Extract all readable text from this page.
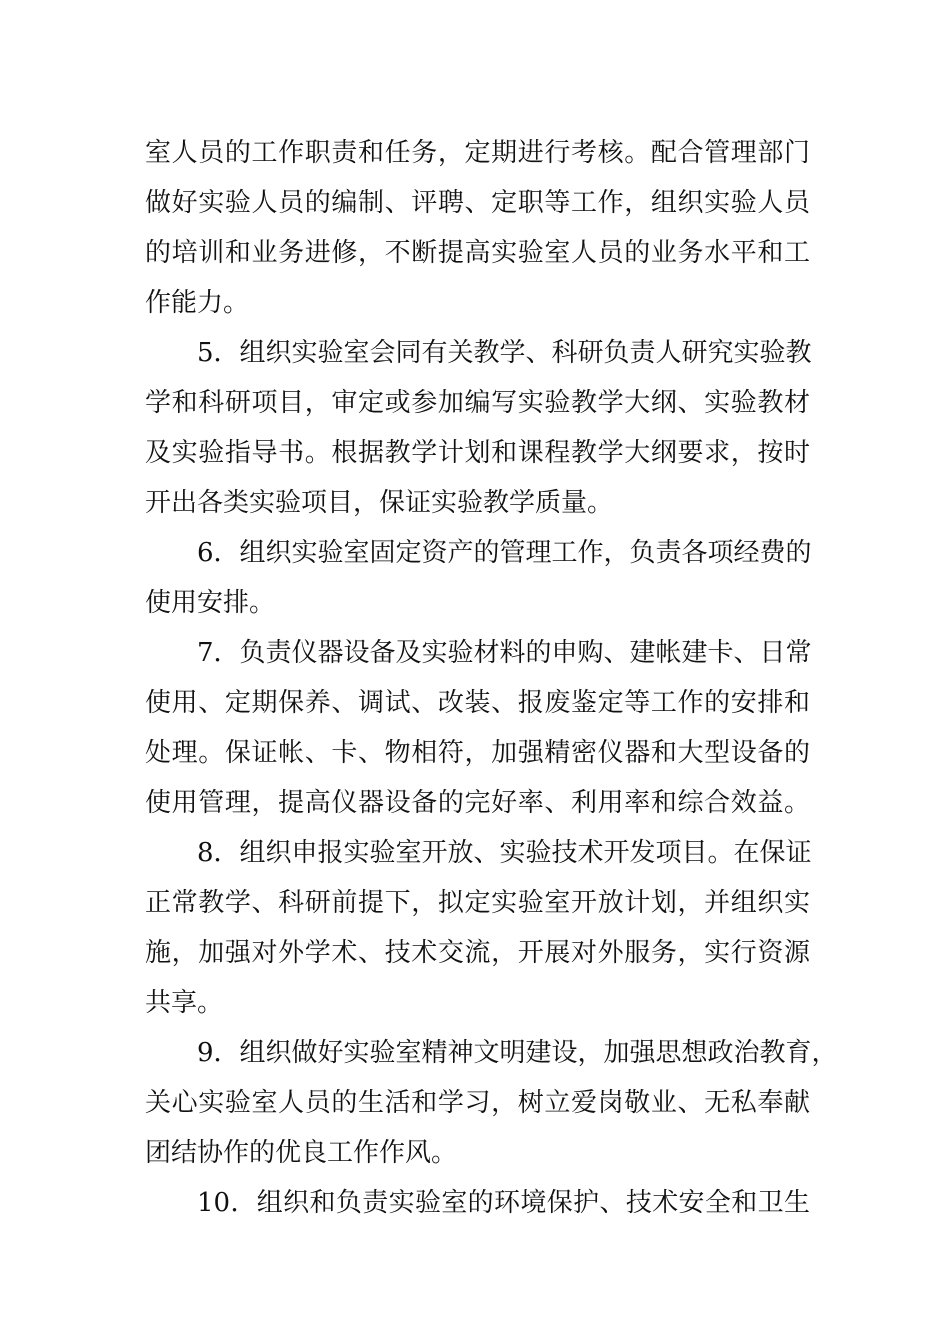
室人员的工作职责和任务，定期进行考核。配合管理部门
做好实验人员的编制、评聘、定职等工作，组织实验人员
的培训和业务进修，不断提高实验室人员的业务水平和工
作能力。
5．组织实验室会同有关教学、科研负责人研究实验教
学和科研项目，审定或参加编写实验教学大纲、实验教材
及实验指导书。根据教学计划和课程教学大纲要求，按时
开出各类实验项目，保证实验教学质量。
6．组织实验室固定资产的管理工作，负责各项经费的
使用安排。
7．负责仪器设备及实验材料的申购、建帐建卡、日常
使用、定期保养、调试、改装、报废鉴定等工作的安排和
处理。保证帐、卡、物相符，加强精密仪器和大型设备的
使用管理，提高仪器设备的完好率、利用率和综合效益。
8．组织申报实验室开放、实验技术开发项目。在保证
正常教学、科研前提下，拟定实验室开放计划，并组织实
施，加强对外学术、技术交流，开展对外服务，实行资源
共享。
9．组织做好实验室精神文明建设，加强思想政治教育，
关心实验室人员的生活和学习，树立爱岗敬业、无私奉献
团结协作的优良工作作风。
10．组织和负责实验室的环境保护、技术安全和卫生
